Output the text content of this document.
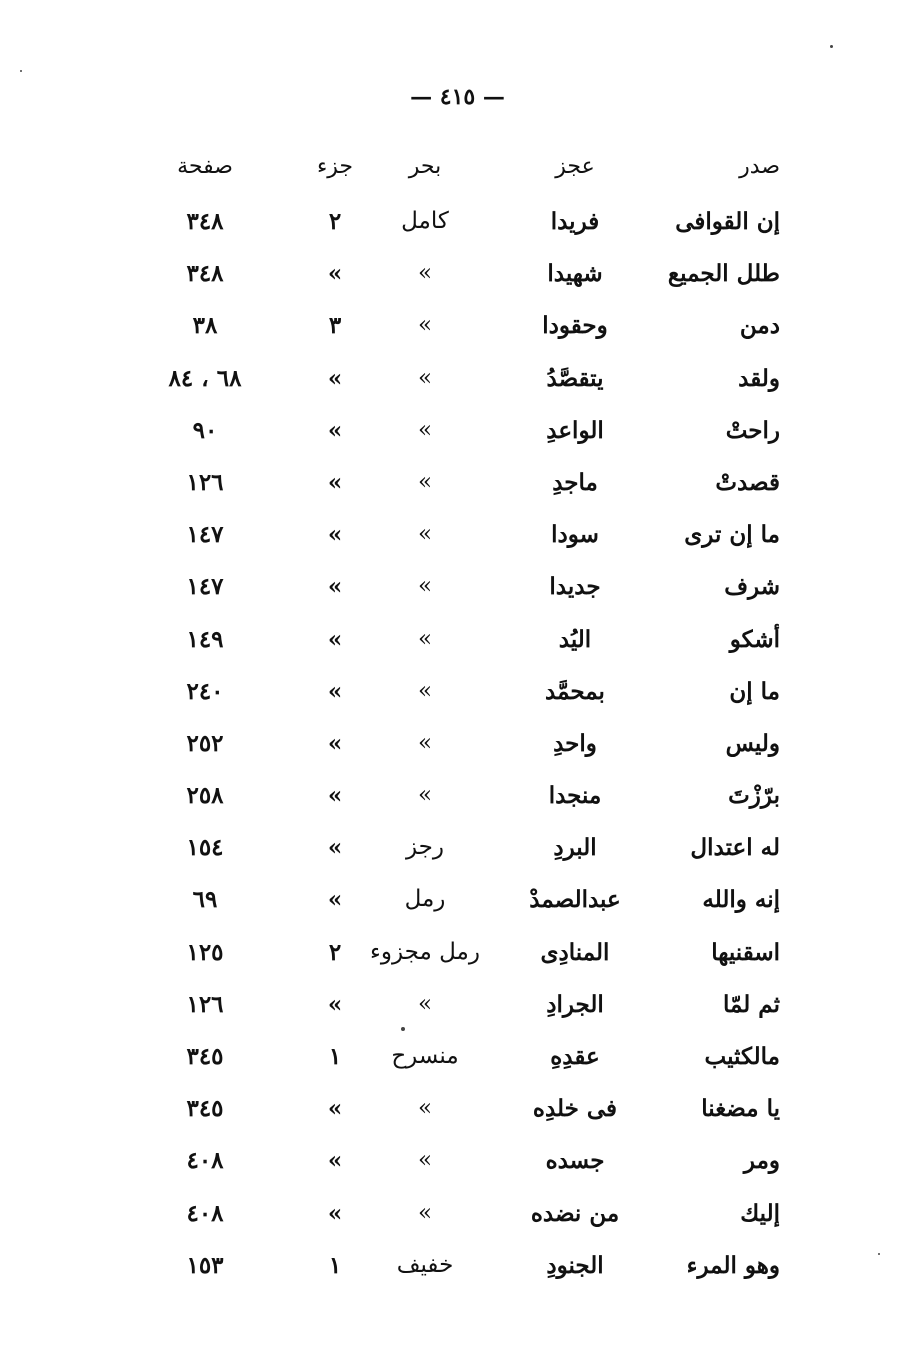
— ٤١٥ —
صدر
عجز
بحر
جزء
صفحة
إن القوافى
فريدا
كامل
٢
٣٤٨
طلل الجميع
شهيدا
»
»
٣٤٨
دمن
وحقودا
»
٣
٣٨
ولقد
يتقصَّدُ
»
»
٦٨ ، ٨٤
راحتْ
الواعدِ
»
»
٩٠
قصدتْ
ماجدِ
»
»
١٢٦
ما إن ترى
سودا
»
»
١٤٧
شرف
جديدا
»
»
١٤٧
أشكو
اليُد
»
»
١٤٩
ما إن
بمحمَّد
»
»
٢٤٠
وليس
واحدِ
»
»
٢٥٢
برّزْتَ
منجدا
»
»
٢٥٨
له اعتدال
البردِ
رجز
»
١٥٤
إنه والله
عبدالصمدْ
رمل
»
٦٩
اسقنيها
المنادِى
رمل مجزوء
٢
١٢٥
ثم لمّا
الجرادِ
»
»
١٢٦
مالكثيب
عقدِهِ
منسرح
١
٣٤٥
يا مضغنا
فى خلدِه
»
»
٣٤٥
ومر
جسده
»
»
٤٠٨
إليك
من نضده
»
»
٤٠٨
وهو المرء
الجنودِ
خفيف
١
١٥٣
